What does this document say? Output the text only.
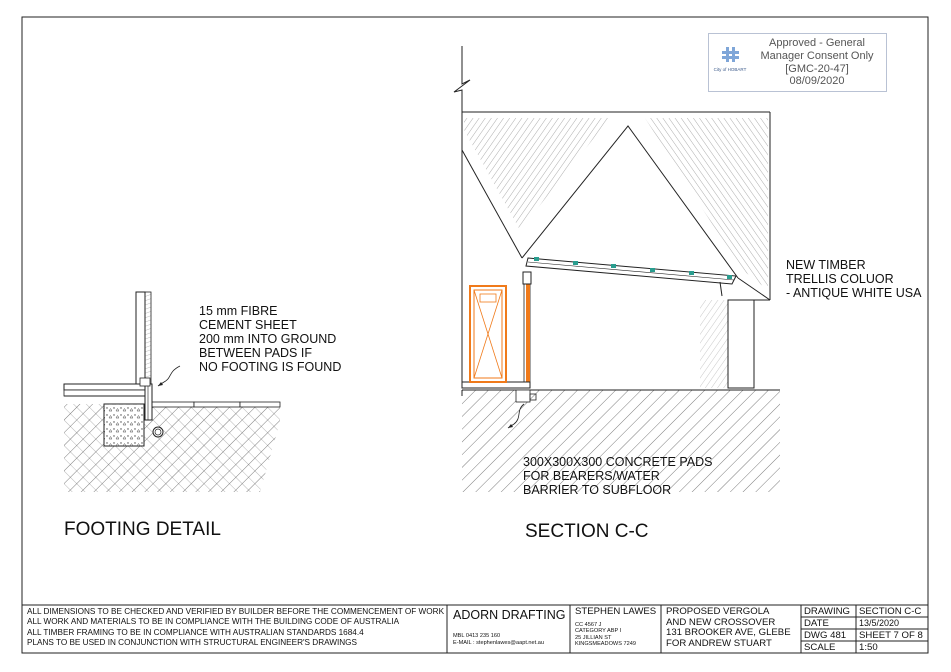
City of HOBART
Approved - General
Manager Consent Only
[GMC-20-47]
08/09/2020
15 mm FIBRE
CEMENT SHEET
200 mm INTO GROUND
BETWEEN PADS IF
NO FOOTING IS FOUND
FOOTING DETAIL
NEW TIMBER
TRELLIS COLUOR
- ANTIQUE WHITE USA
300X300X300 CONCRETE PADS
FOR BEARERS/WATER
BARRIER TO SUBFLOOR
SECTION C-C
ALL DIMENSIONS TO BE CHECKED AND VERIFIED BY BUILDER BEFORE THE COMMENCEMENT OF WORK
ALL WORK AND MATERIALS TO BE IN COMPLIANCE WITH THE BUILDING CODE OF AUSTRALIA
ALL TIMBER FRAMING TO BE IN COMPLIANCE WITH AUSTRALIAN STANDARDS 1684.4
PLANS TO BE USED IN CONJUNCTION WITH STRUCTURAL ENGINEER'S DRAWINGS
ADORN DRAFTING
MBL 0413 235 160
E-MAIL : stephenlawes@aapt.net.au
STEPHEN LAWES
CC 4567 J
CATEGORY ABP I
25 JILLIAN ST
KINGSMEADOWS 7249
PROPOSED VERGOLA
AND NEW CROSSOVER
131 BROOKER AVE, GLEBE
FOR ANDREW STUART
DRAWING SECTION C-C
DATE	13/5/2020
DWG 481 SHEET 7 OF 8
SCALE 1:50
